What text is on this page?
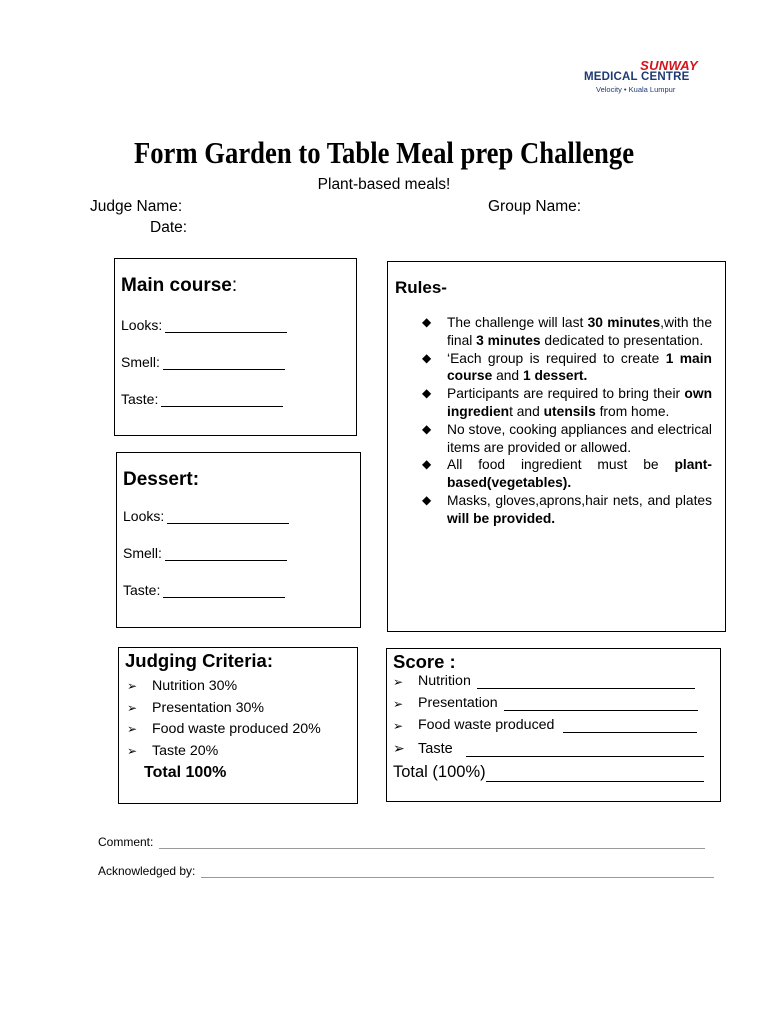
SUNWAY
MEDICAL CENTRE
Velocity • Kuala Lumpur
Form Garden to Table Meal prep Challenge
Plant-based meals!
Judge Name:	Group Name:
Date:
Main course:
Looks:
Smell:
Taste:
Dessert:
Looks:
Smell:
Taste:
Rules-
◆ The challenge will last 30 minutes,with the final 3 minutes dedicated to presentation.
◆ ‘Each group is required to create 1 main course and 1 dessert.
◆ Participants are required to bring their own ingredient and utensils from home.
◆ No stove, cooking appliances and electrical items are provided or allowed.
◆ All food ingredient must be plant-based(vegetables).
◆ Masks, gloves,aprons,hair nets, and plates will be provided.
Judging Criteria:
➢ Nutrition 30%
➢ Presentation 30%
➢ Food waste produced 20%
➢ Taste 20%
Total 100%
Score :
➢	Nutrition
➢	Presentation
➢	Food waste produced
➢ Taste
Total (100%)
Comment:
Acknowledged by:
